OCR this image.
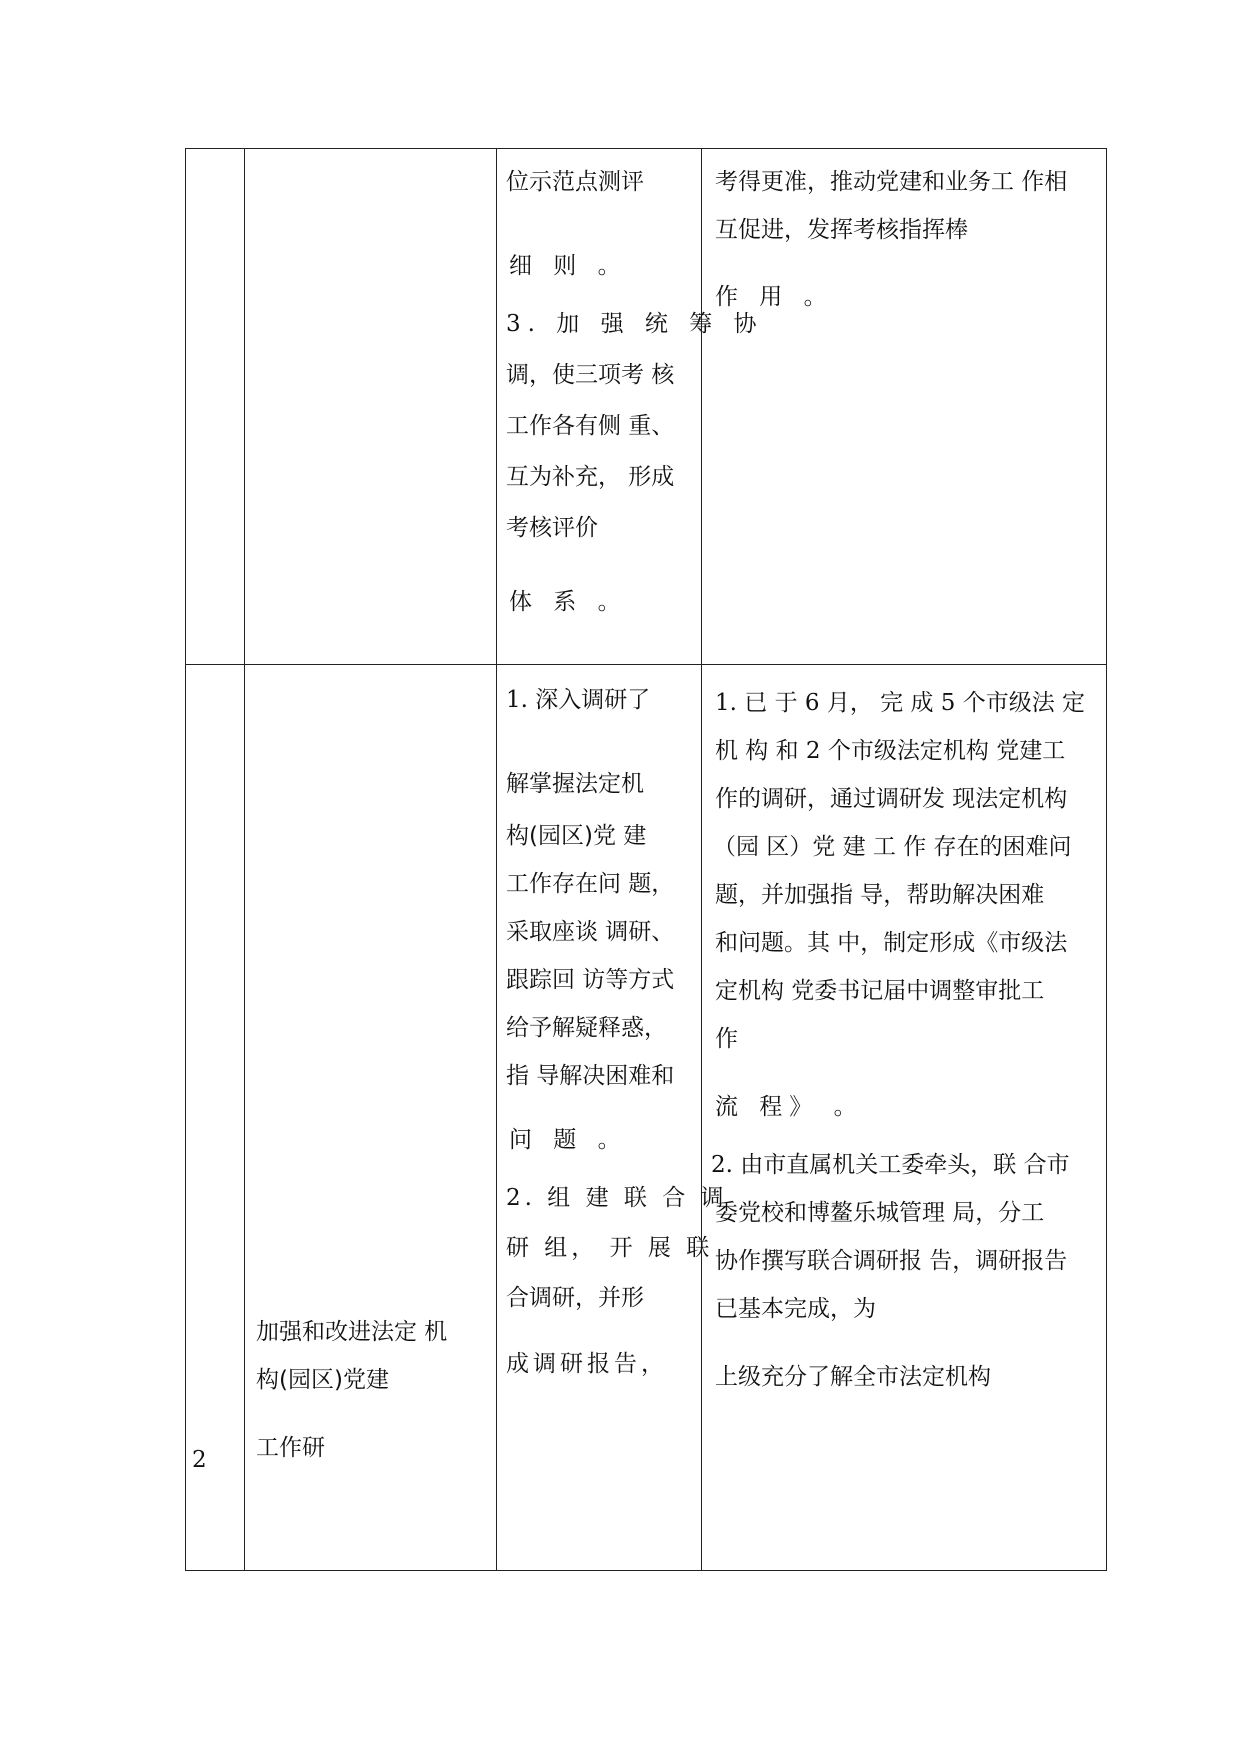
位示范点测评
细 则 。
3. 加 强 统 筹 协
调，使三项考 核
工作各有侧 重、
互为补充， 形成
考核评价
体 系 。
考得更准，推动党建和业务工 作相
互促进，发挥考核指挥棒
作 用 。
2
加强和改进法定 机
构(园区)党建
工作研
1. 深入调研了
解掌握法定机
构(园区)党 建
工作存在问 题，
采取座谈 调研、
跟踪回 访等方式
给予解疑释惑，
指 导解决困难和
问 题 。
2. 组 建 联 合 调
研 组， 开 展 联
合调研，并形
成调研报告，
1. 已 于 6 月， 完 成 5 个市级法 定
机 构 和 2 个市级法定机构 党建工
作的调研，通过调研发 现法定机构
（园 区）党 建 工 作 存在的困难问
题，并加强指 导，帮助解决困难
和问题。其 中，制定形成《市级法
定机构 党委书记届中调整审批工
作
流 程》 。
2. 由市直属机关工委牵头，联 合市
委党校和博鳌乐城管理 局，分工
协作撰写联合调研报 告，调研报告
已基本完成，为
上级充分了解全市法定机构
